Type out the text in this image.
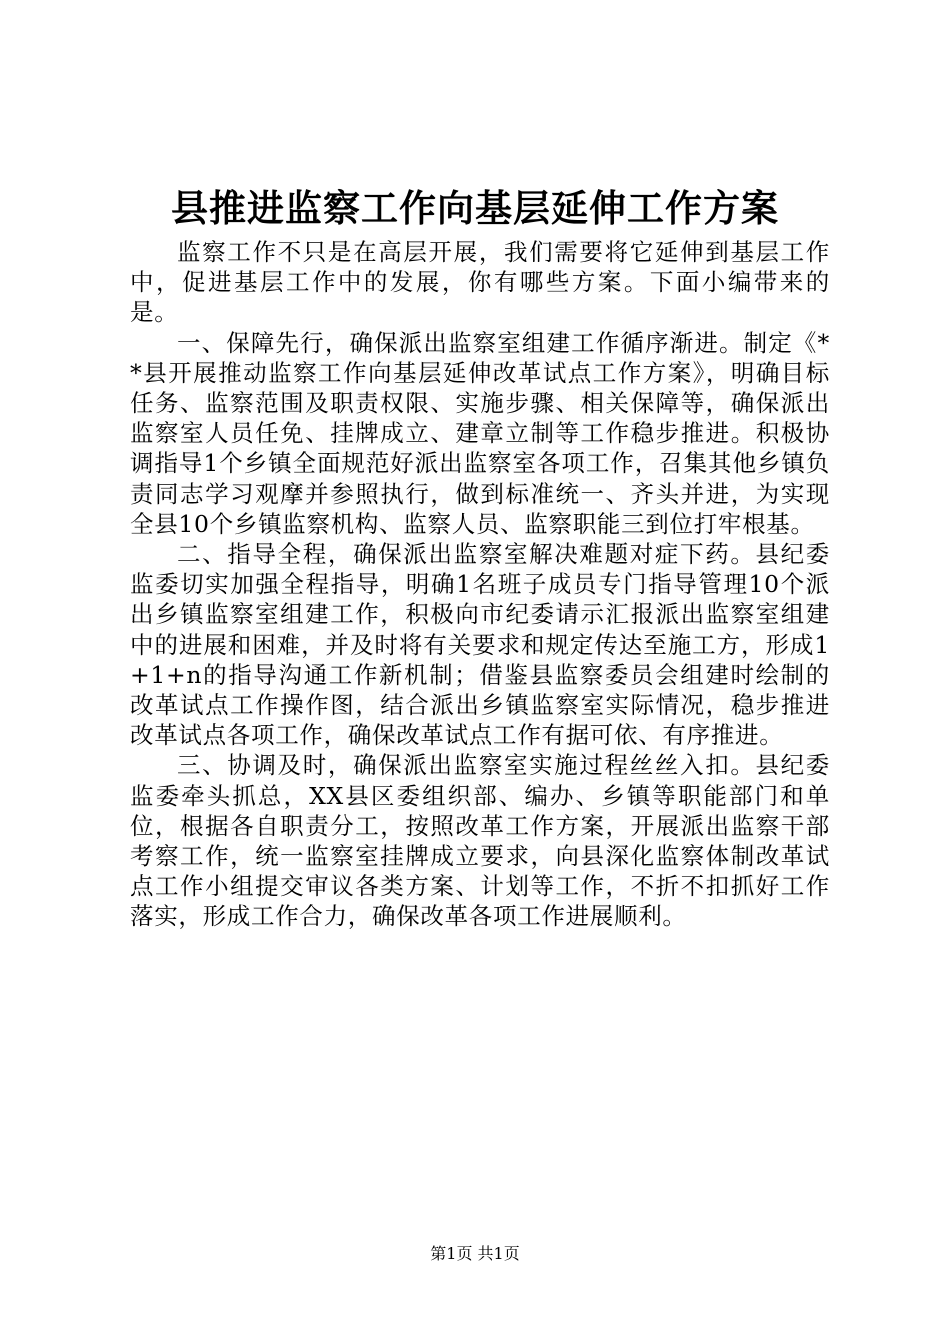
县推进监察工作向基层延伸工作方案

监察工作不只是在高层开展，我们需要将它延伸到基层工作中，促进基层工作中的发展，你有哪些方案。下面小编带来的是。

一、保障先行，确保派出监察室组建工作循序渐进。制定《**县开展推动监察工作向基层延伸改革试点工作方案》，明确目标任务、监察范围及职责权限、实施步骤、相关保障等，确保派出监察室人员任免、挂牌成立、建章立制等工作稳步推进。积极协调指导1个乡镇全面规范好派出监察室各项工作，召集其他乡镇负责同志学习观摩并参照执行，做到标准统一、齐头并进，为实现全县10个乡镇监察机构、监察人员、监察职能三到位打牢根基。

二、指导全程，确保派出监察室解决难题对症下药。县纪委监委切实加强全程指导，明确1名班子成员专门指导管理10个派出乡镇监察室组建工作，积极向市纪委请示汇报派出监察室组建中的进展和困难，并及时将有关要求和规定传达至施工方，形成1+1+n的指导沟通工作新机制；借鉴县监察委员会组建时绘制的改革试点工作操作图，结合派出乡镇监察室实际情况，稳步推进改革试点各项工作，确保改革试点工作有据可依、有序推进。

三、协调及时，确保派出监察室实施过程丝丝入扣。县纪委监委牵头抓总，XX县区委组织部、编办、乡镇等职能部门和单位，根据各自职责分工，按照改革工作方案，开展派出监察干部考察工作，统一监察室挂牌成立要求，向县深化监察体制改革试点工作小组提交审议各类方案、计划等工作，不折不扣抓好工作落实，形成工作合力，确保改革各项工作进展顺利。

第1页 共1页
